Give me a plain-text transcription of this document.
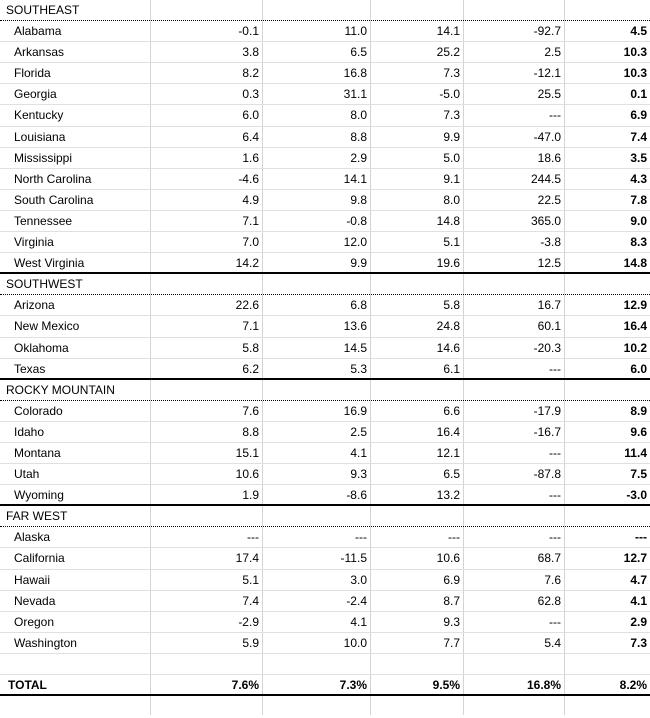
SOUTHEAST
Alabama	-0.1	11.0	14.1	-92.7	4.5
Arkansas	3.8	6.5	25.2	2.5	10.3
Florida	8.2	16.8	7.3	-12.1	10.3
Georgia	0.3	31.1	-5.0	25.5	0.1
Kentucky	6.0	8.0	7.3	---	6.9
Louisiana	6.4	8.8	9.9	-47.0	7.4
Mississippi	1.6	2.9	5.0	18.6	3.5
North Carolina	-4.6	14.1	9.1	244.5	4.3
South Carolina	4.9	9.8	8.0	22.5	7.8
Tennessee	7.1	-0.8	14.8	365.0	9.0
Virginia	7.0	12.0	5.1	-3.8	8.3
West Virginia	14.2	9.9	19.6	12.5	14.8
SOUTHWEST
Arizona	22.6	6.8	5.8	16.7	12.9
New Mexico	7.1	13.6	24.8	60.1	16.4
Oklahoma	5.8	14.5	14.6	-20.3	10.2
Texas	6.2	5.3	6.1	---	6.0
ROCKY MOUNTAIN
Colorado	7.6	16.9	6.6	-17.9	8.9
Idaho	8.8	2.5	16.4	-16.7	9.6
Montana	15.1	4.1	12.1	---	11.4
Utah	10.6	9.3	6.5	-87.8	7.5
Wyoming	1.9	-8.6	13.2	---	-3.0
FAR WEST
Alaska	---	---	---	---	---
California	17.4	-11.5	10.6	68.7	12.7
Hawaii	5.1	3.0	6.9	7.6	4.7
Nevada	7.4	-2.4	8.7	62.8	4.1
Oregon	-2.9	4.1	9.3	---	2.9
Washington	5.9	10.0	7.7	5.4	7.3
TOTAL	7.6%	7.3%	9.5%	16.8%	8.2%
